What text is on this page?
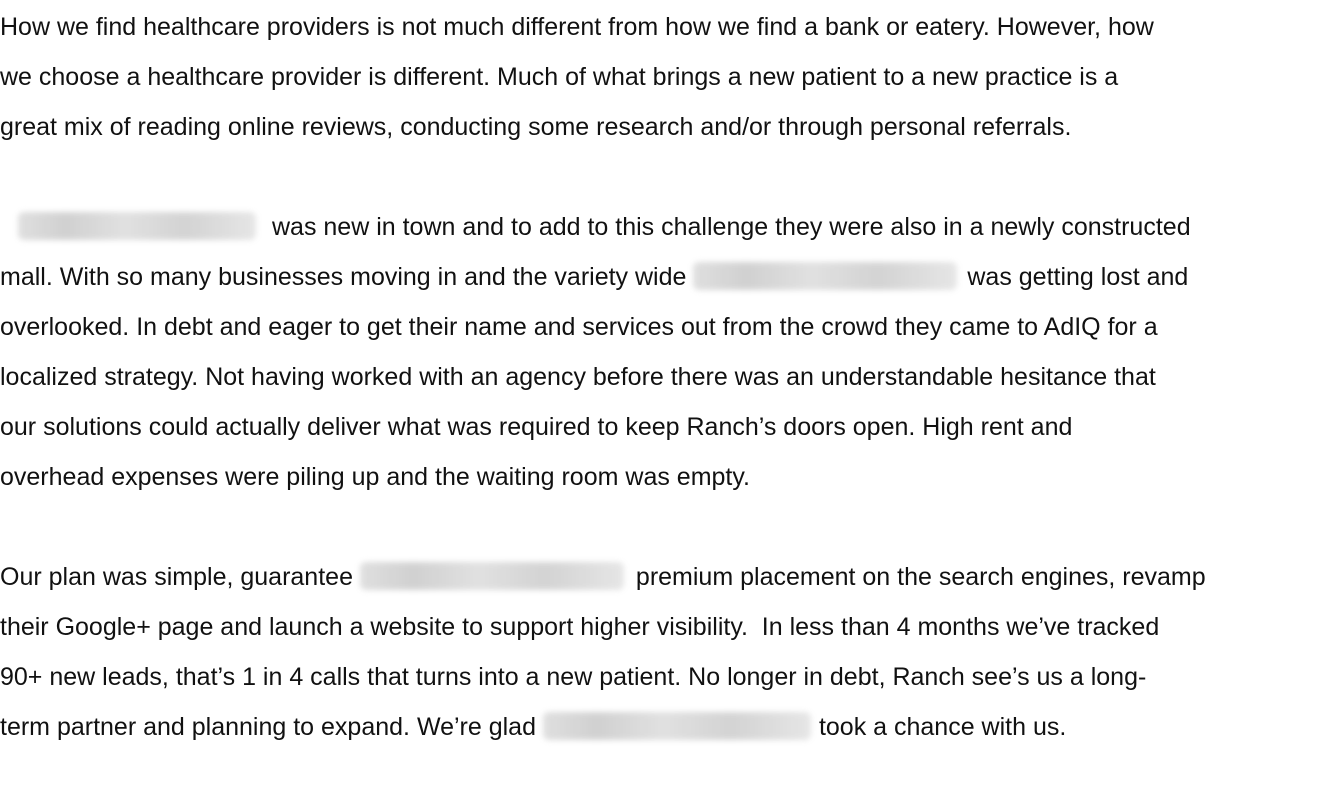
How we find healthcare providers is not much different from how we find a bank or eatery. However, how
we choose a healthcare provider is different. Much of what brings a new patient to a new practice is a
great mix of reading online reviews, conducting some research and/or through personal referrals.
was new in town and to add to this challenge they were also in a newly constructed
mall. With so many businesses moving in and the variety wide	was getting lost and
overlooked. In debt and eager to get their name and services out from the crowd they came to AdIQ for a
localized strategy. Not having worked with an agency before there was an understandable hesitance that
our solutions could actually deliver what was required to keep Ranch’s doors open. High rent and
overhead expenses were piling up and the waiting room was empty.
Our plan was simple, guarantee	premium placement on the search engines, revamp
their Google+ page and launch a website to support higher visibility.  In less than 4 months we’ve tracked
90+ new leads, that’s 1 in 4 calls that turns into a new patient. No longer in debt, Ranch see’s us a long-
term partner and planning to expand. We’re glad	took a chance with us.
